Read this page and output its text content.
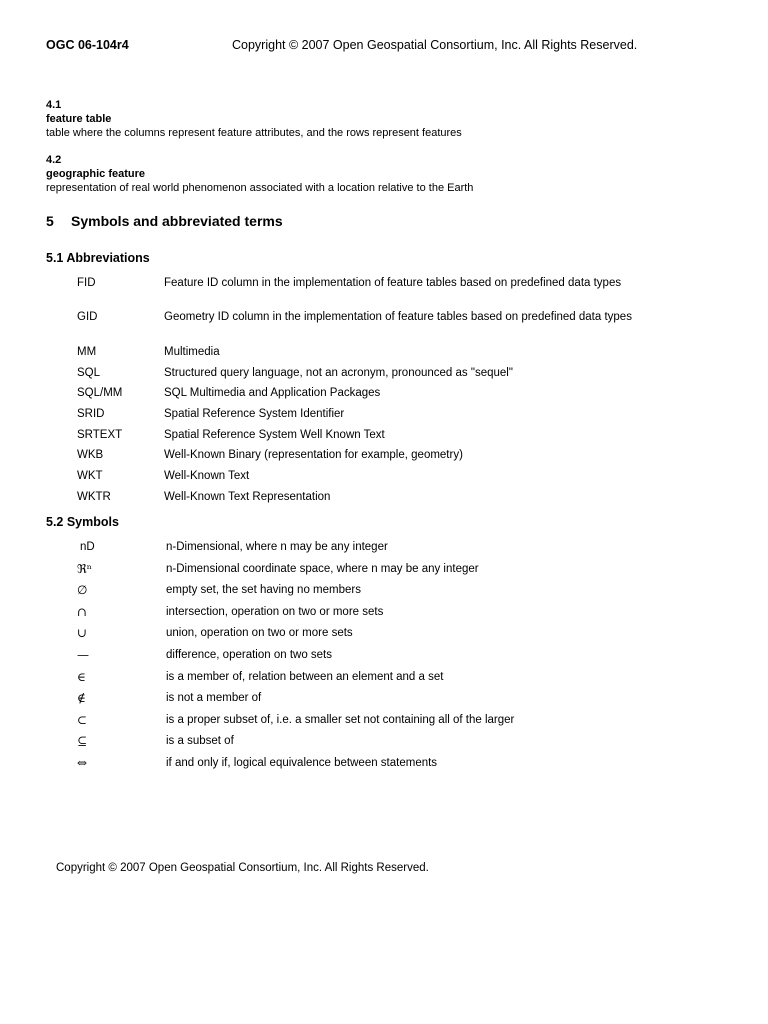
OGC 06-104r4	Copyright © 2007 Open Geospatial Consortium, Inc. All Rights Reserved.
4.1
feature table
table where the columns represent feature attributes, and the rows represent features
4.2
geographic feature
representation of real world phenomenon associated with a location relative to the Earth
5 Symbols and abbreviated terms
5.1 Abbreviations
FID	Feature ID column in the implementation of feature tables based on predefined data types
GID	Geometry ID column in the implementation of feature tables based on predefined data types
MM	Multimedia
SQL	Structured query language, not an acronym, pronounced as "sequel"
SQL/MM	SQL Multimedia and Application Packages
SRID	Spatial Reference System Identifier
SRTEXT	Spatial Reference System Well Known Text
WKB	Well-Known Binary (representation for example, geometry)
WKT	Well-Known Text
WKTR	Well-Known Text Representation
5.2 Symbols
nD	n-Dimensional, where n may be any integer
ℜⁿ	n-Dimensional coordinate space, where n may be any integer
∅	empty set, the set having no members
∩	intersection, operation on two or more sets
∪	union, operation on two or more sets
—	difference, operation on two sets
∈	is a member of, relation between an element and a set
∉	is not a member of
⊂	is a proper subset of, i.e. a smaller set not containing all of the larger
⊆	is a subset of
⇔	if and only if, logical equivalence between statements
Copyright © 2007 Open Geospatial Consortium, Inc. All Rights Reserved.
